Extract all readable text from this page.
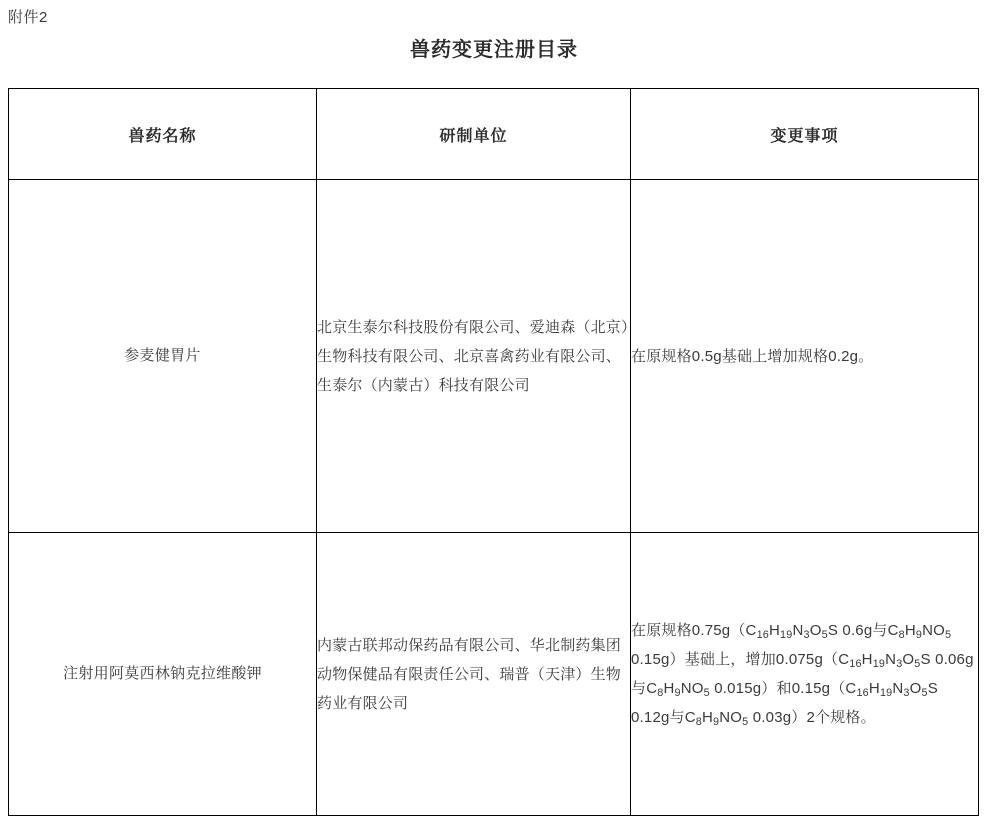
附件2
兽药变更注册目录
兽药名称	研制单位	变更事项

参麦健胃片	北京生泰尔科技股份有限公司、爱迪森（北京）生物科技有限公司、北京喜禽药业有限公司、生泰尔（内蒙古）科技有限公司	在原规格0.5g基础上增加规格0.2g。

注射用阿莫西林钠克拉维酸钾	内蒙古联邦动保药品有限公司、华北制药集团动物保健品有限责任公司、瑞普（天津）生物药业有限公司	在原规格$0.75g(C_{16}H_{19}N_3O_5S$ 0.6g与$C_8H_9NO_5$ 0.15g）基础上，增加$0.075g(C_{16}H_{19}N_3O_5S$ 0.06g与$C_8H_9NO_5$ 0.015g）和$0.15g(C_{16}H_{19}N_3O_5S$ 0.12g与$C_8H_9NO_5$ 0.03g）2个规格。
